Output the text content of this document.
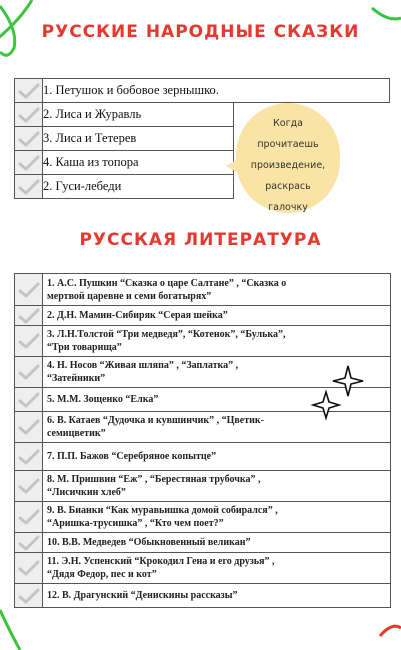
РУССКИЕ НАРОДНЫЕ СКАЗКИ
	1. Петушок и бобовое зернышко.	

	2. Лиса и Журавль	

	3. Лиса и Тетерев	

	4. Каша из топора	

	2. Гуси-лебеди	
Когда
прочитаешь
произведение,
раскрась
галочку
РУССКАЯ ЛИТЕРАТУРА

1. А.С. Пушкин “Сказка о царе Салтане” , “Сказка о
мертвой царевне и семи богатырях”

2. Д.Н. Мамин-Сибиряк “Серая шейка”

3. Л.Н.Толстой “Три медведя”, “Котенок”, “Булька”,
“Три товарища”

4. Н. Носов “Живая шляпа” , “Заплатка” ,
“Затейники”

5. М.М. Зощенко “Елка”

6. В. Катаев “Дудочка и кувшинчик” , “Цветик-
семицветик”

7. П.П. Бажов “Серебряное копытце”

8. М. Пришвин “Еж” , “Берестяная трубочка” ,
“Лисичкин хлеб”

9. В. Бианки “Как муравьишка домой собирался” ,
“Аришка-трусишка” , “Кто чем поет?”

10. В.В. Медведев “Обыкновенный великан”

11. Э.Н. Успенский “Крокодил Гена и его друзья” ,
“Дядя Федор, пес и кот”

12. В. Драгунский “Денискины рассказы”
